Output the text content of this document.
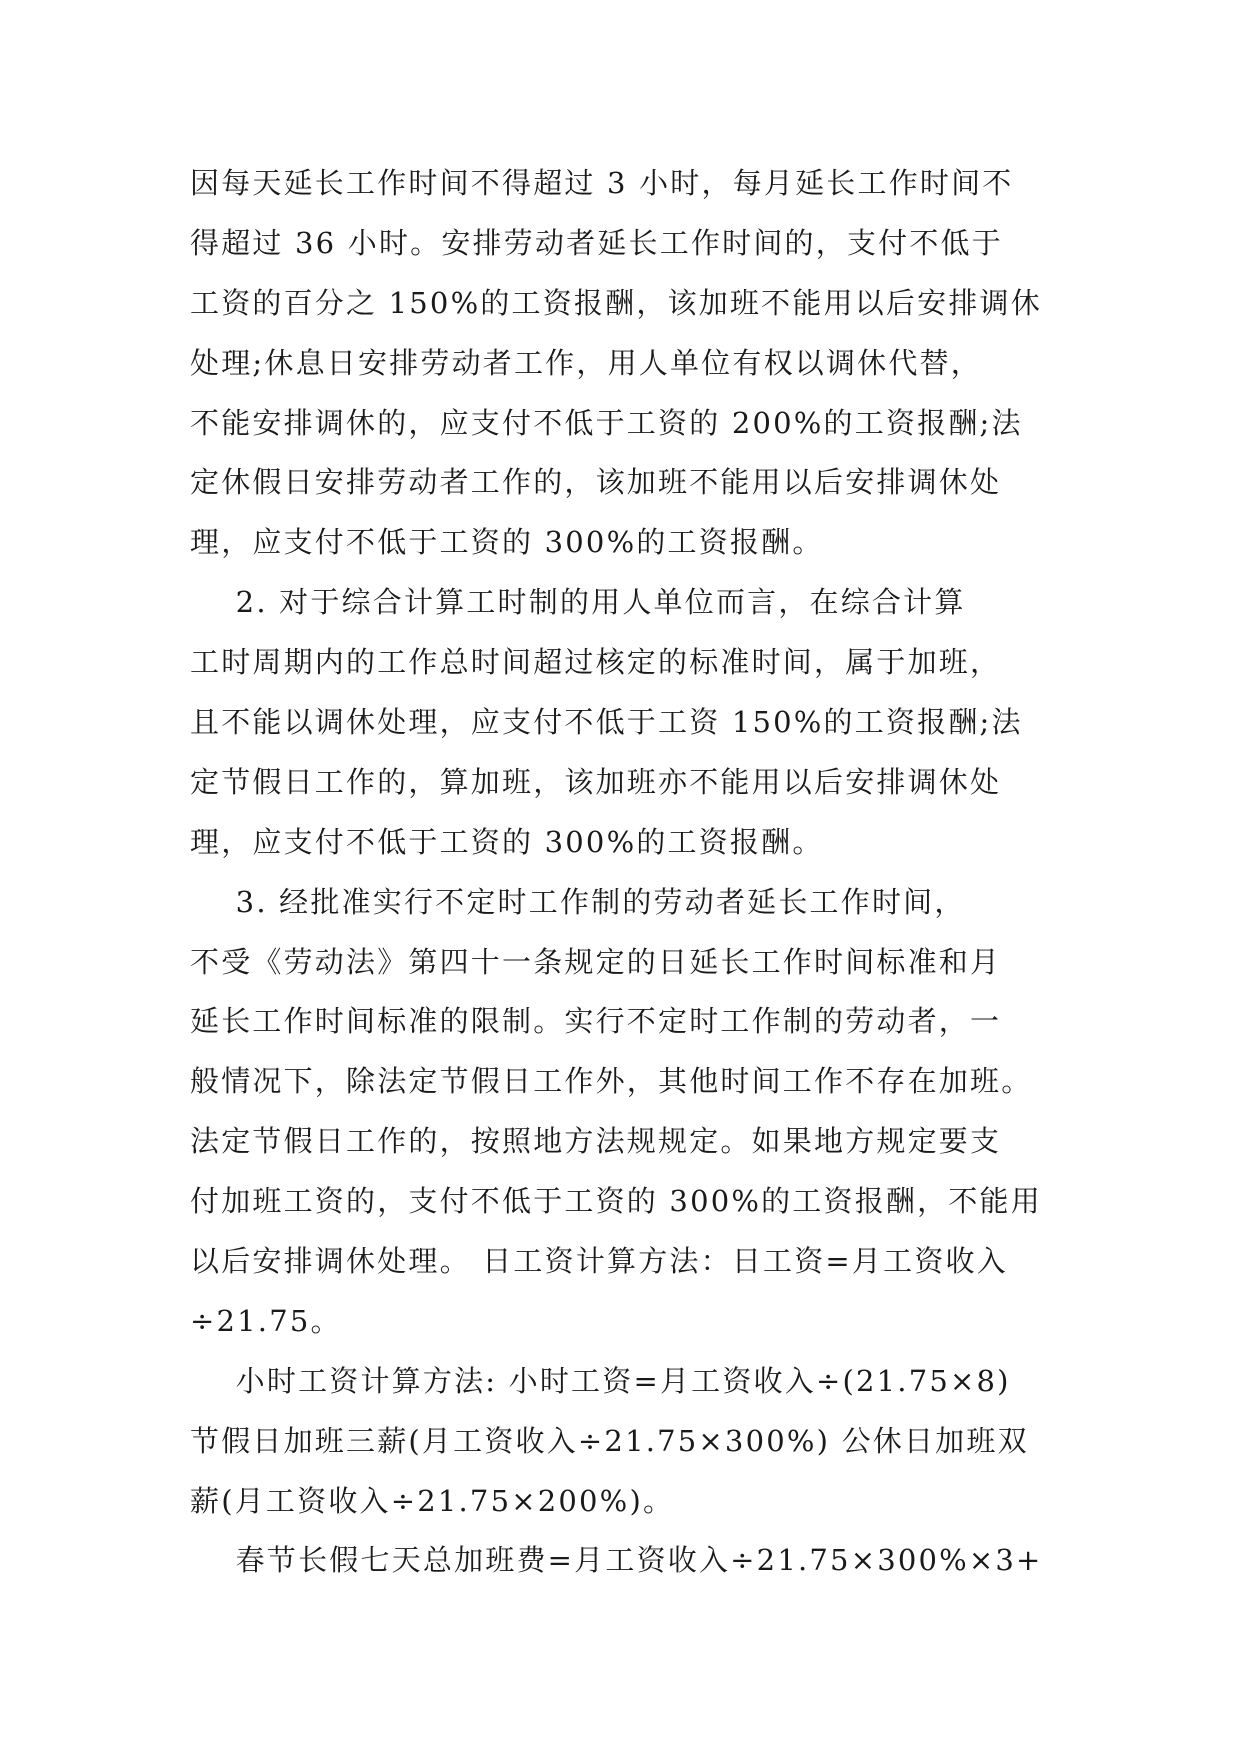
因每天延长工作时间不得超过 3 小时，每月延长工作时间不
得超过 36 小时。安排劳动者延长工作时间的，支付不低于
工资的百分之 150%的工资报酬，该加班不能用以后安排调休
处理;休息日安排劳动者工作，用人单位有权以调休代替，
不能安排调休的，应支付不低于工资的 200%的工资报酬;法
定休假日安排劳动者工作的，该加班不能用以后安排调休处
理，应支付不低于工资的 300%的工资报酬。
2. 对于综合计算工时制的用人单位而言，在综合计算
工时周期内的工作总时间超过核定的标准时间，属于加班，
且不能以调休处理，应支付不低于工资 150%的工资报酬;法
定节假日工作的，算加班，该加班亦不能用以后安排调休处
理，应支付不低于工资的 300%的工资报酬。
3. 经批准实行不定时工作制的劳动者延长工作时间，
不受《劳动法》第四十一条规定的日延长工作时间标准和月
延长工作时间标准的限制。实行不定时工作制的劳动者，一
般情况下，除法定节假日工作外，其他时间工作不存在加班。
法定节假日工作的，按照地方法规规定。如果地方规定要支
付加班工资的，支付不低于工资的 300%的工资报酬，不能用
以后安排调休处理。 日工资计算方法：日工资=月工资收入
÷21.75。
小时工资计算方法: 小时工资=月工资收入÷(21.75×8)
节假日加班三薪(月工资收入÷21.75×300%) 公休日加班双
薪(月工资收入÷21.75×200%)。
春节长假七天总加班费=月工资收入÷21.75×300%×3+
